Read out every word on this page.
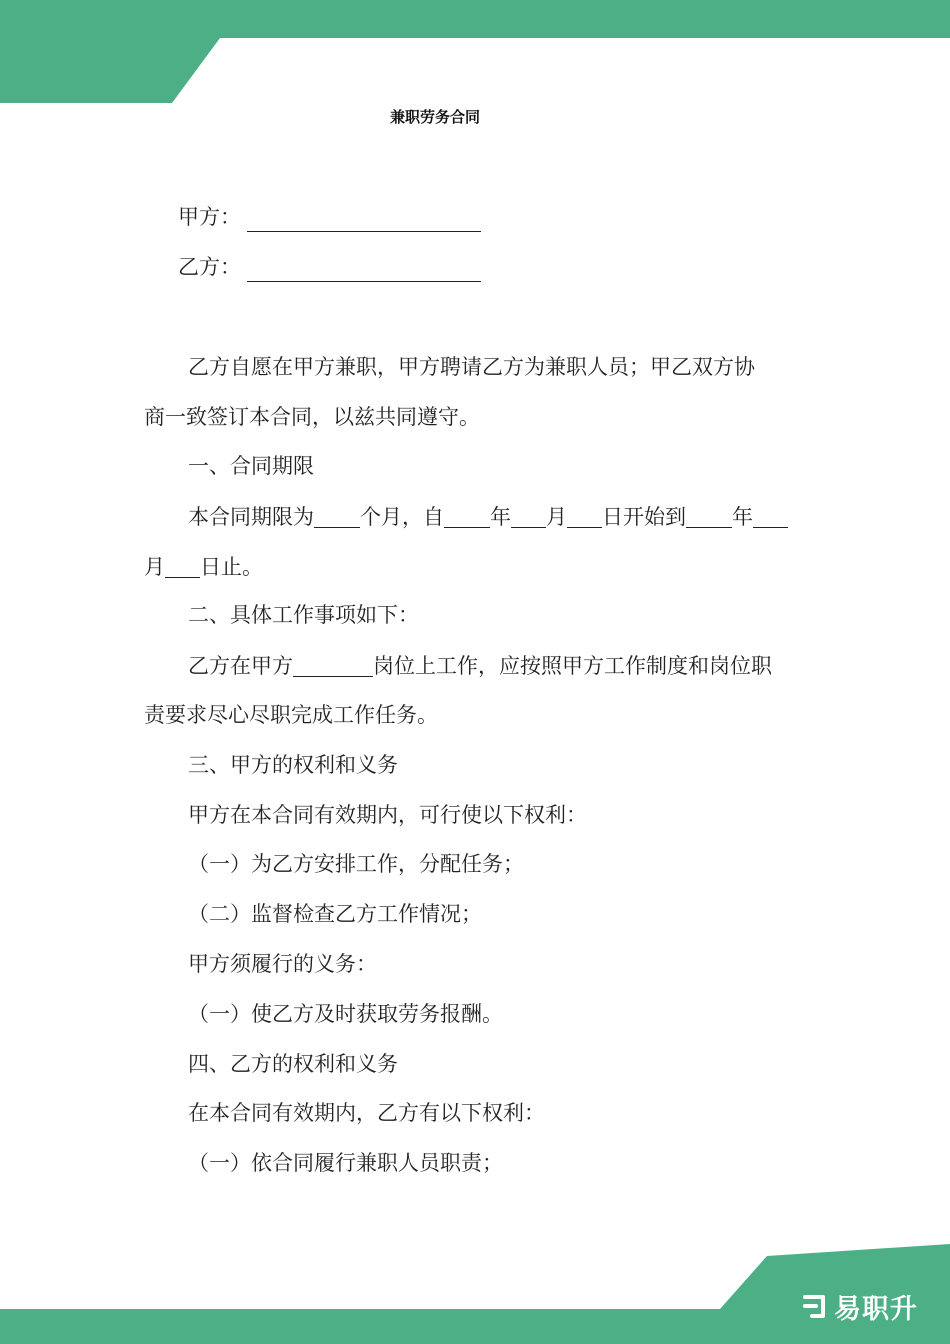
易职升
兼职劳务合同
甲方：
乙方：
乙方自愿在甲方兼职，甲方聘请乙方为兼职人员；甲乙双方协
商一致签订本合同，以兹共同遵守。
一、合同期限
本合同期限为 个月，自 年 月 日开始到 年
月 日止。
二、具体工作事项如下：
乙方在甲方	岗位上工作，应按照甲方工作制度和岗位职
责要求尽心尽职完成工作任务。
三、甲方的权利和义务
甲方在本合同有效期内，可行使以下权利：
（一）为乙方安排工作，分配任务；
（二）监督检查乙方工作情况；
甲方须履行的义务：
（一）使乙方及时获取劳务报酬。
四、乙方的权利和义务
在本合同有效期内，乙方有以下权利：
（一）依合同履行兼职人员职责；
